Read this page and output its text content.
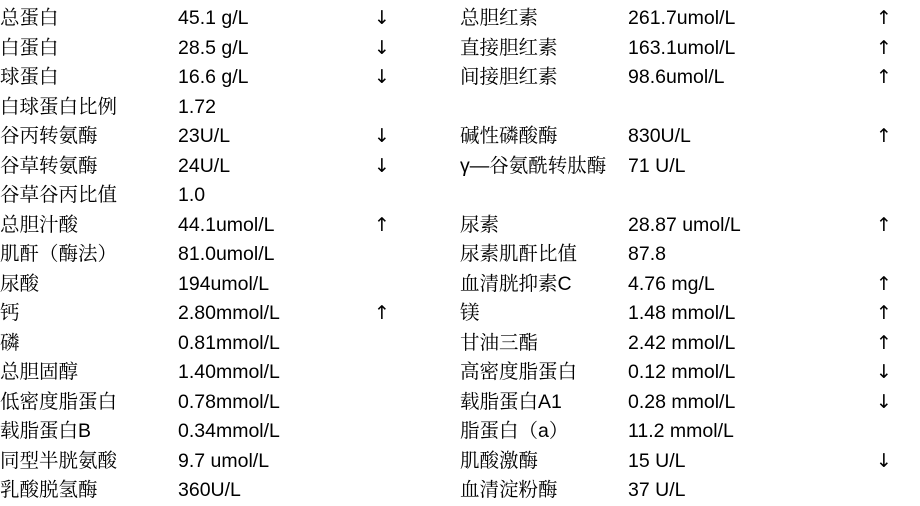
总蛋白	45.1 g/L	↓	总胆红素	261.7umol/L	↑
白蛋白	28.5 g/L	↓	直接胆红素	163.1umol/L	↑
球蛋白	16.6 g/L	↓	间接胆红素	98.6umol/L	↑
白球蛋白比例	1.72				
谷丙转氨酶	23U/L	↓	碱性磷酸酶	830U/L	↑
谷草转氨酶	24U/L	↓	γ—谷氨酰转肽酶	71 U/L	
谷草谷丙比值	1.0				
总胆汁酸	44.1umol/L	↑	尿素	28.87 umol/L	↑
肌酐（酶法）	81.0umol/L		尿素肌酐比值	87.8	
尿酸	194umol/L		血清胱抑素C	4.76 mg/L	↑
钙	2.80mmol/L	↑	镁	1.48 mmol/L	↑
磷	0.81mmol/L		甘油三酯	2.42 mmol/L	↑
总胆固醇	1.40mmol/L		高密度脂蛋白	0.12 mmol/L	↓
低密度脂蛋白	0.78mmol/L		载脂蛋白A1	0.28 mmol/L	↓
载脂蛋白B	0.34mmol/L		脂蛋白（a）	11.2 mmol/L	
同型半胱氨酸	9.7 umol/L		肌酸激酶	15 U/L	↓
乳酸脱氢酶	360U/L		血清淀粉酶	37 U/L	
